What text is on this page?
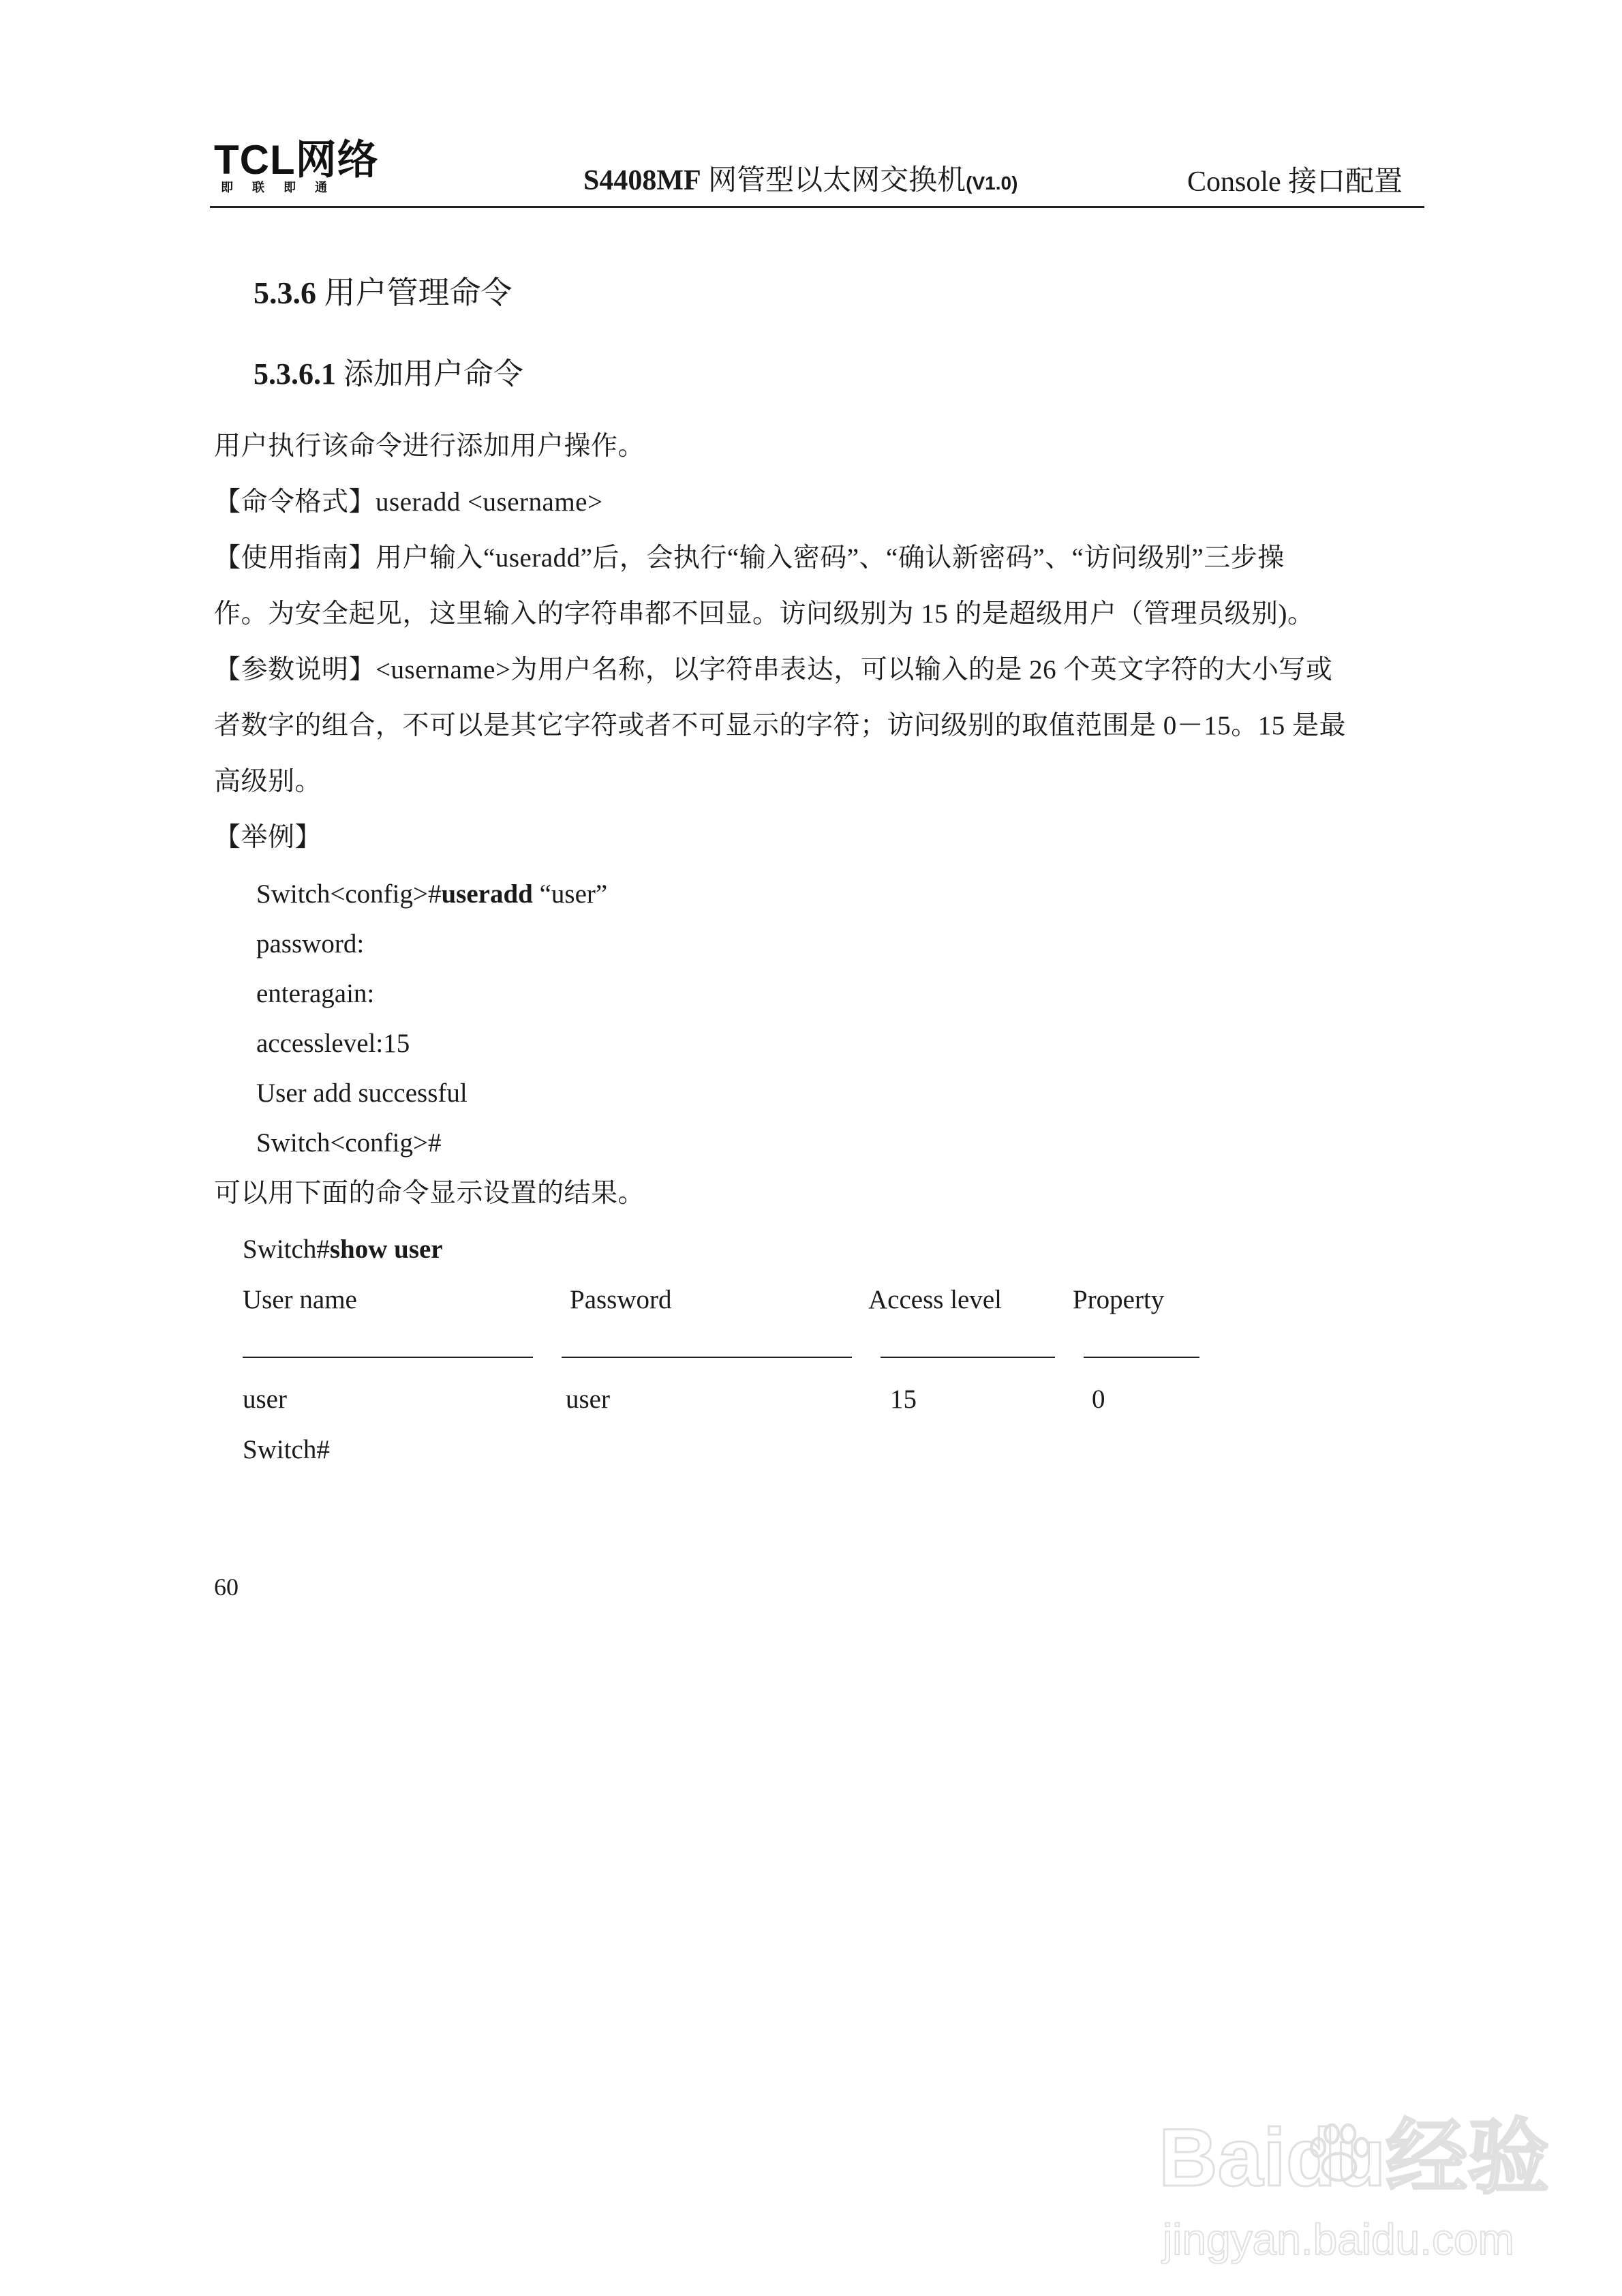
TCL网络
即联即通	S4408MF 网管型以太网交换机(V1.0)	Console 接口配置
5.3.6 用户管理命令
5.3.6.1 添加用户命令
用户执行该命令进行添加用户操作。
【命令格式】useradd <username>
【使用指南】用户输入“useradd”后，会执行“输入密码”、“确认新密码”、“访问级别”三步操
作。为安全起见，这里输入的字符串都不回显。访问级别为 15 的是超级用户（管理员级别)。
【参数说明】<username>为用户名称，以字符串表达，可以输入的是 26 个英文字符的大小写或
者数字的组合，不可以是其它字符或者不可显示的字符；访问级别的取值范围是 0－15。15 是最
高级别。
【举例】
Switch<config>#useradd “user”
password:
enteragain:
accesslevel:15
User add successful
Switch<config>#
可以用下面的命令显示设置的结果。
Switch#show user
User name	Password	Access level	Property
user	user	15	0
Switch#
60
Baidu经验
jingyan.baidu.com
